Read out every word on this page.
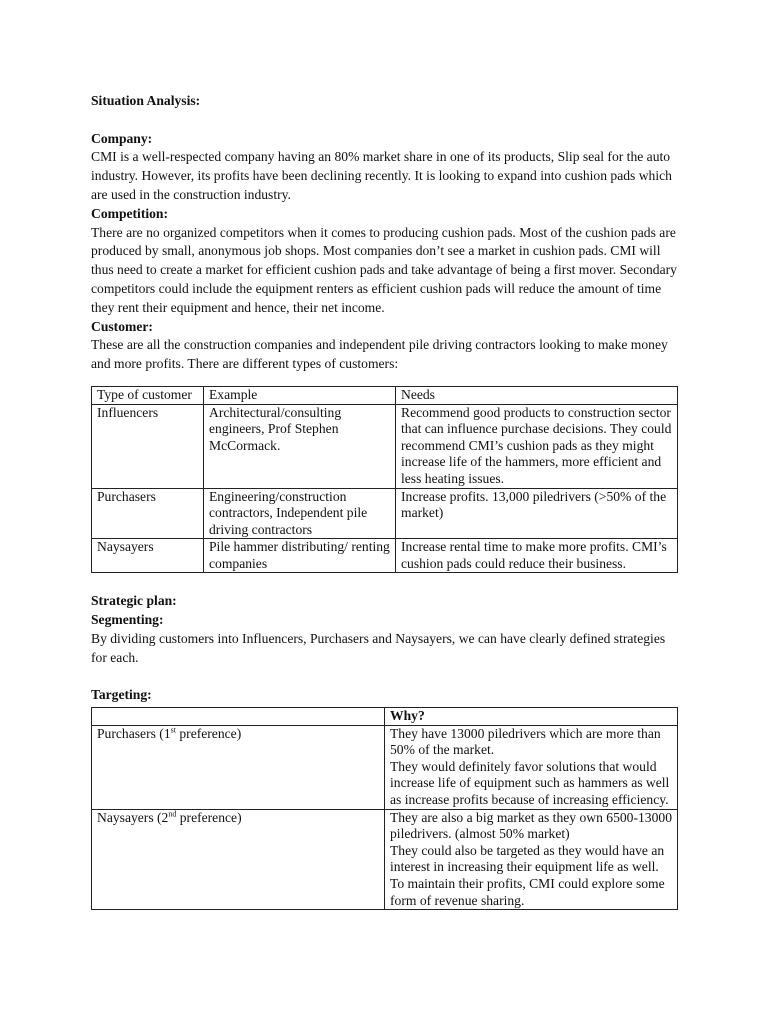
Situation Analysis:

Company:

CMI is a well-respected company having an 80% market share in one of its products, Slip seal for the auto industry. However, its profits have been declining recently. It is looking to expand into cushion pads which are used in the construction industry.

Competition:

There are no organized competitors when it comes to producing cushion pads. Most of the cushion pads are produced by small, anonymous job shops. Most companies don’t see a market in cushion pads. CMI will thus need to create a market for efficient cushion pads and take advantage of being a first mover. Secondary competitors could include the equipment renters as efficient cushion pads will reduce the amount of time they rent their equipment and hence, their net income.

Customer:

These are all the construction companies and independent pile driving contractors looking to make money and more profits. There are different types of customers:

Type of customer	Example	Needs
Influencers	Architectural/consulting engineers, Prof Stephen McCormack.	Recommend good products to construction sector that can influence purchase decisions. They could recommend CMI’s cushion pads as they might increase life of the hammers, more efficient and less heating issues.
Purchasers	Engineering/construction contractors, Independent pile driving contractors	Increase profits. 13,000 piledrivers (>50% of the market)
Naysayers	Pile hammer distributing/ renting companies	Increase rental time to make more profits. CMI’s cushion pads could reduce their business.

Strategic plan:

Segmenting:

By dividing customers into Influencers, Purchasers and Naysayers, we can have clearly defined strategies for each.

Targeting:

	Why?
Purchasers (1st preference)	They have 13000 piledrivers which are more than 50% of the market.
They would definitely favor solutions that would increase life of equipment such as hammers as well as increase profits because of increasing efficiency.

Naysayers (2nd preference)	They are also a big market as they own 6500-13000 piledrivers. (almost 50% market)
They could also be targeted as they would have an interest in increasing their equipment life as well. To maintain their profits, CMI could explore some form of revenue sharing.
